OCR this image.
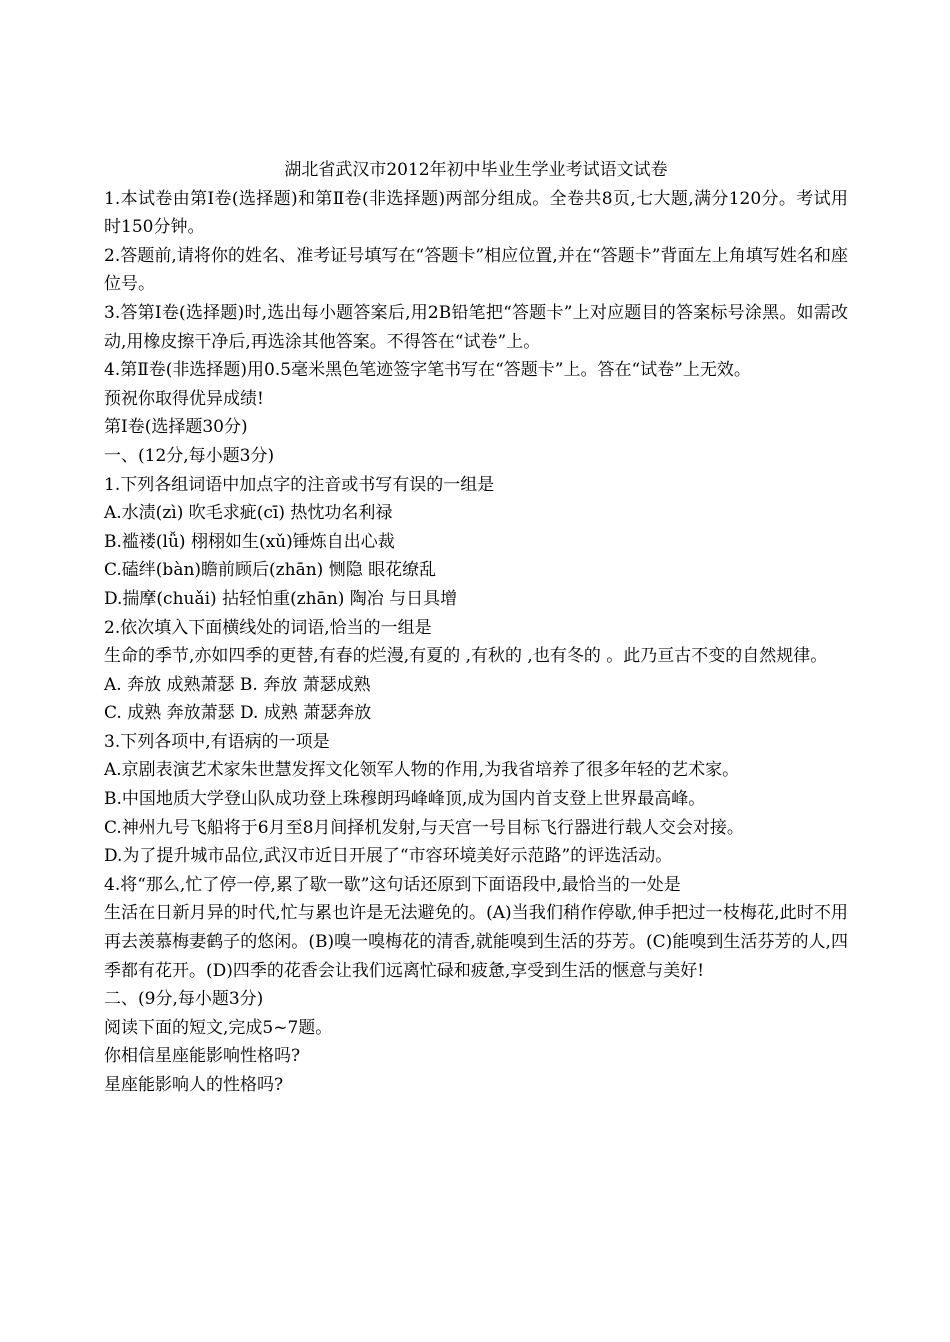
湖北省武汉市2012年初中毕业生学业考试语文试卷

1.本试卷由第Ⅰ卷(选择题)和第Ⅱ卷(非选择题)两部分组成。全卷共8页,七大题,满分120分。考试用时150分钟。

2.答题前,请将你的姓名、准考证号填写在“答题卡”相应位置,并在“答题卡”背面左上角填写姓名和座位号。

3.答第Ⅰ卷(选择题)时,选出每小题答案后,用2B铅笔把“答题卡”上对应题目的答案标号涂黑。如需改动,用橡皮擦干净后,再选涂其他答案。不得答在“试卷”上。

4.第Ⅱ卷(非选择题)用0.5毫米黑色笔迹签字笔书写在“答题卡”上。答在“试卷”上无效。

预祝你取得优异成绩!

第I卷(选择题30分)

一、(12分,每小题3分)

1.下列各组词语中加点字的注音或书写有误的一组是

A.水渍(zì) 吹毛求疵(cī) 热忱功名利禄

B.褴褛(lǚ) 栩栩如生(xǔ)锤炼自出心裁

C.磕绊(bàn)瞻前顾后(zhān) 恻隐 眼花缭乱

D.揣摩(chuǎi) 拈轻怕重(zhān) 陶冶 与日具增

2.依次填入下面横线处的词语,恰当的一组是

生命的季节,亦如四季的更替,有春的烂漫,有夏的 ,有秋的 ,也有冬的 。此乃亘古不变的自然规律。

A. 奔放 成熟萧瑟 B. 奔放 萧瑟成熟

C. 成熟 奔放萧瑟 D. 成熟 萧瑟奔放

3.下列各项中,有语病的一项是

A.京剧表演艺术家朱世慧发挥文化领军人物的作用,为我省培养了很多年轻的艺术家。

B.中国地质大学登山队成功登上珠穆朗玛峰峰顶,成为国内首支登上世界最高峰。

C.神州九号飞船将于6月至8月间择机发射,与天宫一号目标飞行器进行载人交会对接。

D.为了提升城市品位,武汉市近日开展了“市容环境美好示范路”的评选活动。

4.将“那么,忙了停一停,累了歇一歇”这句话还原到下面语段中,最恰当的一处是

生活在日新月异的时代,忙与累也许是无法避免的。(A)当我们稍作停歇,伸手把过一枝梅花,此时不用再去羡慕梅妻鹤子的悠闲。(B)嗅一嗅梅花的清香,就能嗅到生活的芬芳。(C)能嗅到生活芬芳的人,四季都有花开。(D)四季的花香会让我们远离忙碌和疲惫,享受到生活的惬意与美好!

二、(9分,每小题3分)

阅读下面的短文,完成5~7题。

你相信星座能影响性格吗?

星座能影响人的性格吗?
